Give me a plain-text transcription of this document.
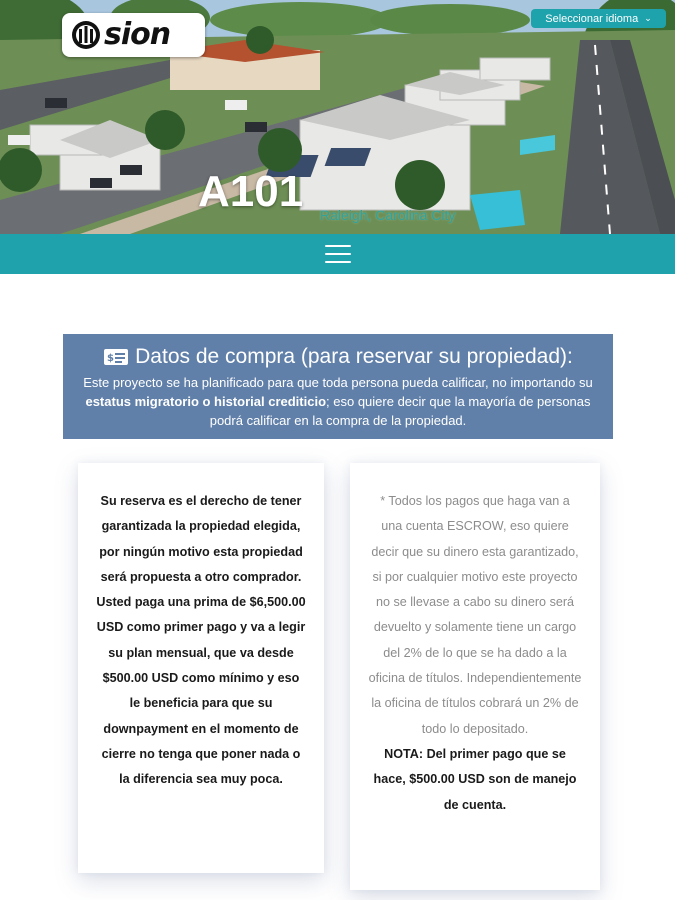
sion	Seleccionar idioma ⌄
A101 Raleigh, Carolina City
$ Datos de compra (para reservar su propiedad):

Este proyecto se ha planificado para que toda persona pueda calificar, no importando su estatus migratorio o historial crediticio; eso quiere decir que la mayoría de personas podrá calificar en la compra de la propiedad.

Su reserva es el derecho de tener garantizada la propiedad elegida, por ningún motivo esta propiedad será propuesta a otro comprador. Usted paga una prima de $6,500.00 USD como primer pago y va a legir su plan mensual, que va desde $500.00 USD como mínimo y eso le beneficia para que su downpayment en el momento de cierre no tenga que poner nada o la diferencia sea muy poca.

* Todos los pagos que haga van a una cuenta ESCROW, eso quiere decir que su dinero esta garantizado, si por cualquier motivo este proyecto no se llevase a cabo su dinero será devuelto y solamente tiene un cargo del 2% de lo que se ha dado a la oficina de títulos. Independientemente la oficina de títulos cobrará un 2% de todo lo depositado.

NOTA: Del primer pago que se hace, $500.00 USD son de manejo de cuenta.
